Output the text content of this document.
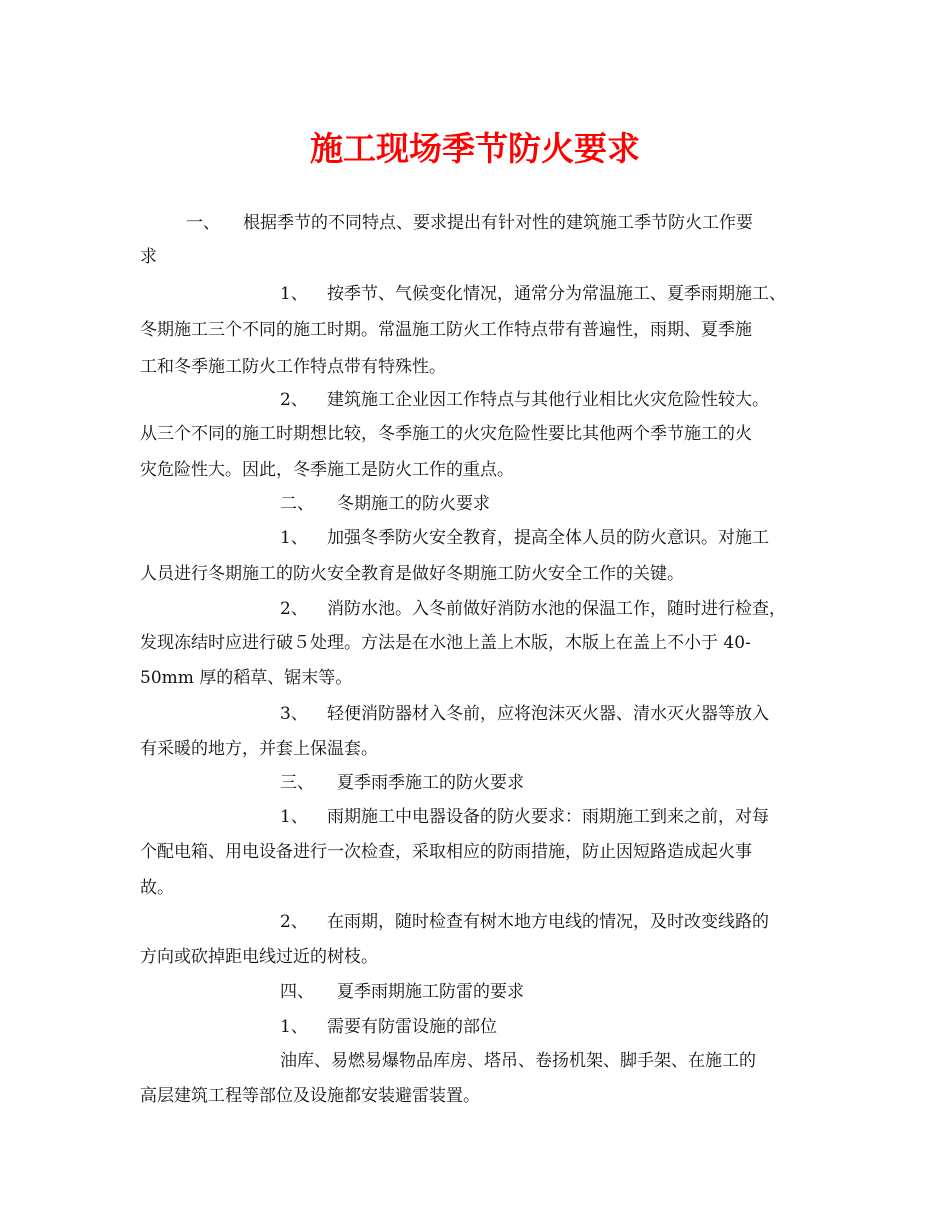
施工现场季节防火要求
一、 根据季节的不同特点、要求提出有针对性的建筑施工季节防火工作要
求
1、 按季节、气候变化情况，通常分为常温施工、夏季雨期施工、
冬期施工三个不同的施工时期。常温施工防火工作特点带有普遍性，雨期、夏季施
工和冬季施工防火工作特点带有特殊性。
2、 建筑施工企业因工作特点与其他行业相比火灾危险性较大。
从三个不同的施工时期想比较，冬季施工的火灾危险性要比其他两个季节施工的火
灾危险性大。因此，冬季施工是防火工作的重点。
二、 冬期施工的防火要求
1、 加强冬季防火安全教育，提高全体人员的防火意识。对施工
人员进行冬期施工的防火安全教育是做好冬期施工防火安全工作的关键。
2、 消防水池。入冬前做好消防水池的保温工作，随时进行检查，
发现冻结时应进行破５处理。方法是在水池上盖上木版，木版上在盖上不小于 40-
50mm 厚的稻草、锯末等。
3、 轻便消防器材入冬前，应将泡沫灭火器、清水灭火器等放入
有采暖的地方，并套上保温套。
三、 夏季雨季施工的防火要求
1、 雨期施工中电器设备的防火要求：雨期施工到来之前，对每
个配电箱、用电设备进行一次检查，采取相应的防雨措施，防止因短路造成起火事
故。
2、 在雨期，随时检查有树木地方电线的情况，及时改变线路的
方向或砍掉距电线过近的树枝。
四、 夏季雨期施工防雷的要求
1、 需要有防雷设施的部位
油库、易燃易爆物品库房、塔吊、卷扬机架、脚手架、在施工的
高层建筑工程等部位及设施都安装避雷装置。
